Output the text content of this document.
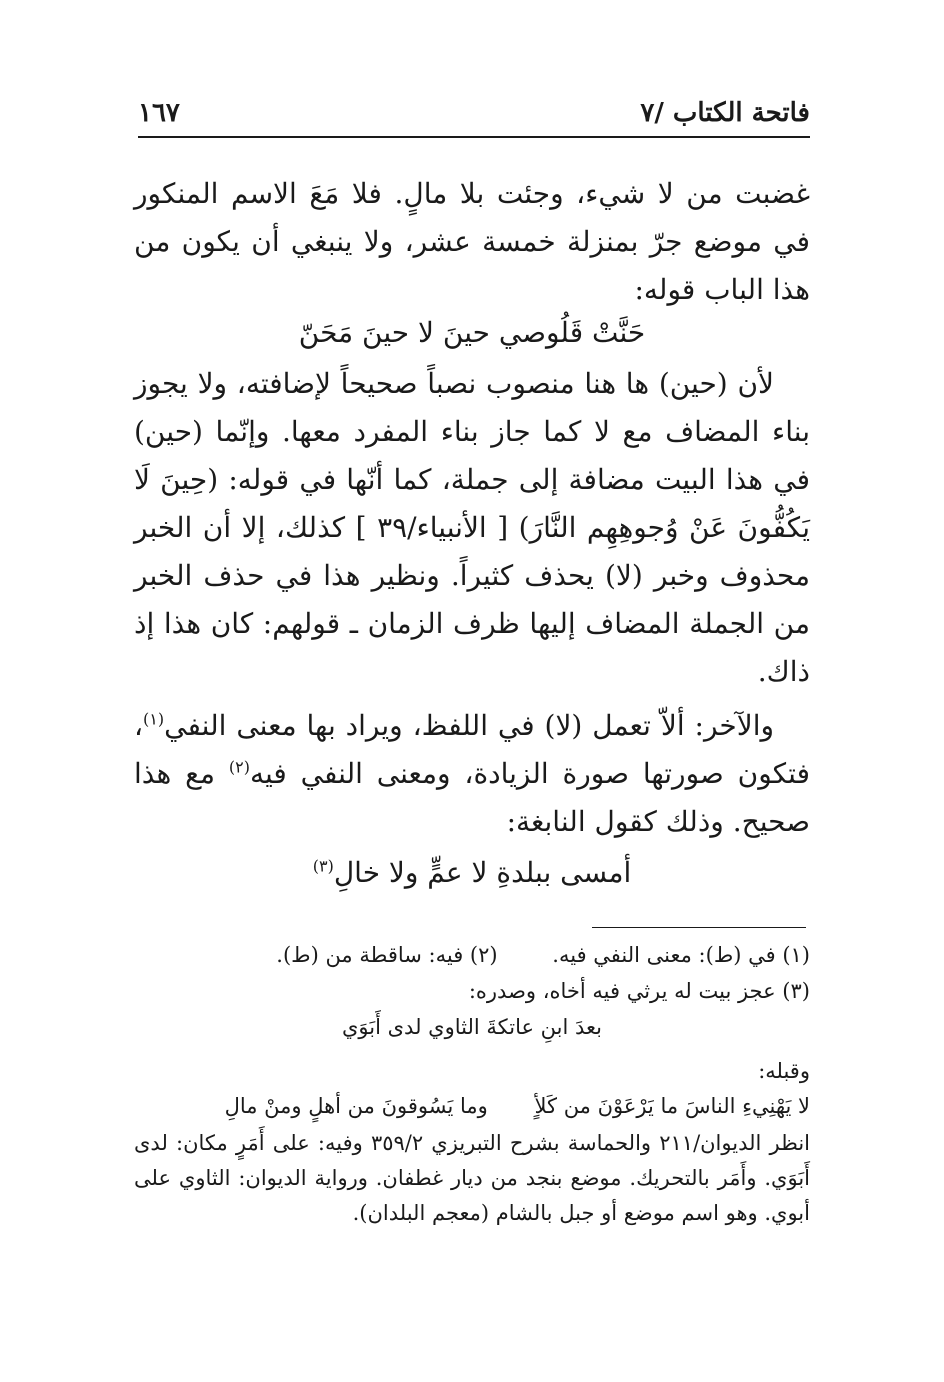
فاتحة الكتاب /٧
١٦٧
غضبت من لا شيء، وجئت بلا مالٍ. فلا مَعَ الاسم المنكور في موضع جرّ بمنزلة خمسة عشر، ولا ينبغي أن يكون من هذا الباب قوله:
حَنَّتْ قَلُوصي حينَ لا حينَ مَحَنّ
لأن (حين) ها هنا منصوب نصباً صحيحاً لإضافته، ولا يجوز بناء المضاف مع لا كما جاز بناء المفرد معها. وإنّما (حين) في هذا البيت مضافة إلى جملة، كما أنّها في قوله: (حِينَ لَا يَكُفُّونَ عَنْ وُجوهِهِم النَّارَ) [ الأنبياء/٣٩ ] كذلك، إلا أن الخبر محذوف وخبر (لا) يحذف كثيراً. ونظير هذا في حذف الخبر من الجملة المضاف إليها ظرف الزمان ـ قولهم: كان هذا إذ ذاك.
والآخر: ألاّ تعمل (لا) في اللفظ، ويراد بها معنى النفي$^{(١)}$، فتكون صورتها صورة الزيادة، ومعنى النفي فيه$^{(٢)}$ مع هذا صحيح. وذلك كقول النابغة:
أمسى ببلدةِ لا عمٍّ ولا خالِ$^{(٣)}$
(١) في (ط): معنى النفي فيه. (٢) فيه: ساقطة من (ط).
(٣) عجز بيت له يرثي فيه أخاه، وصدره:
بعدَ ابنِ عاتكةَ الثاوي لدى أَبَوَي
وقبله:
لا يَهْنِيءِ الناسَ ما يَرْعَوْنَ من كَلأٍ وما يَسُوقونَ من أهلٍ ومنْ مالِ
انظر الديوان/٢١١ والحماسة بشرح التبريزي ٣٥٩/٢ وفيه: على أَمَرٍ مكان: لدى أَبَوَي. وأَمَر بالتحريك. موضع بنجد من ديار غطفان. ورواية الديوان: الثاوي على أبوي. وهو اسم موضع أو جبل بالشام (معجم البلدان).
